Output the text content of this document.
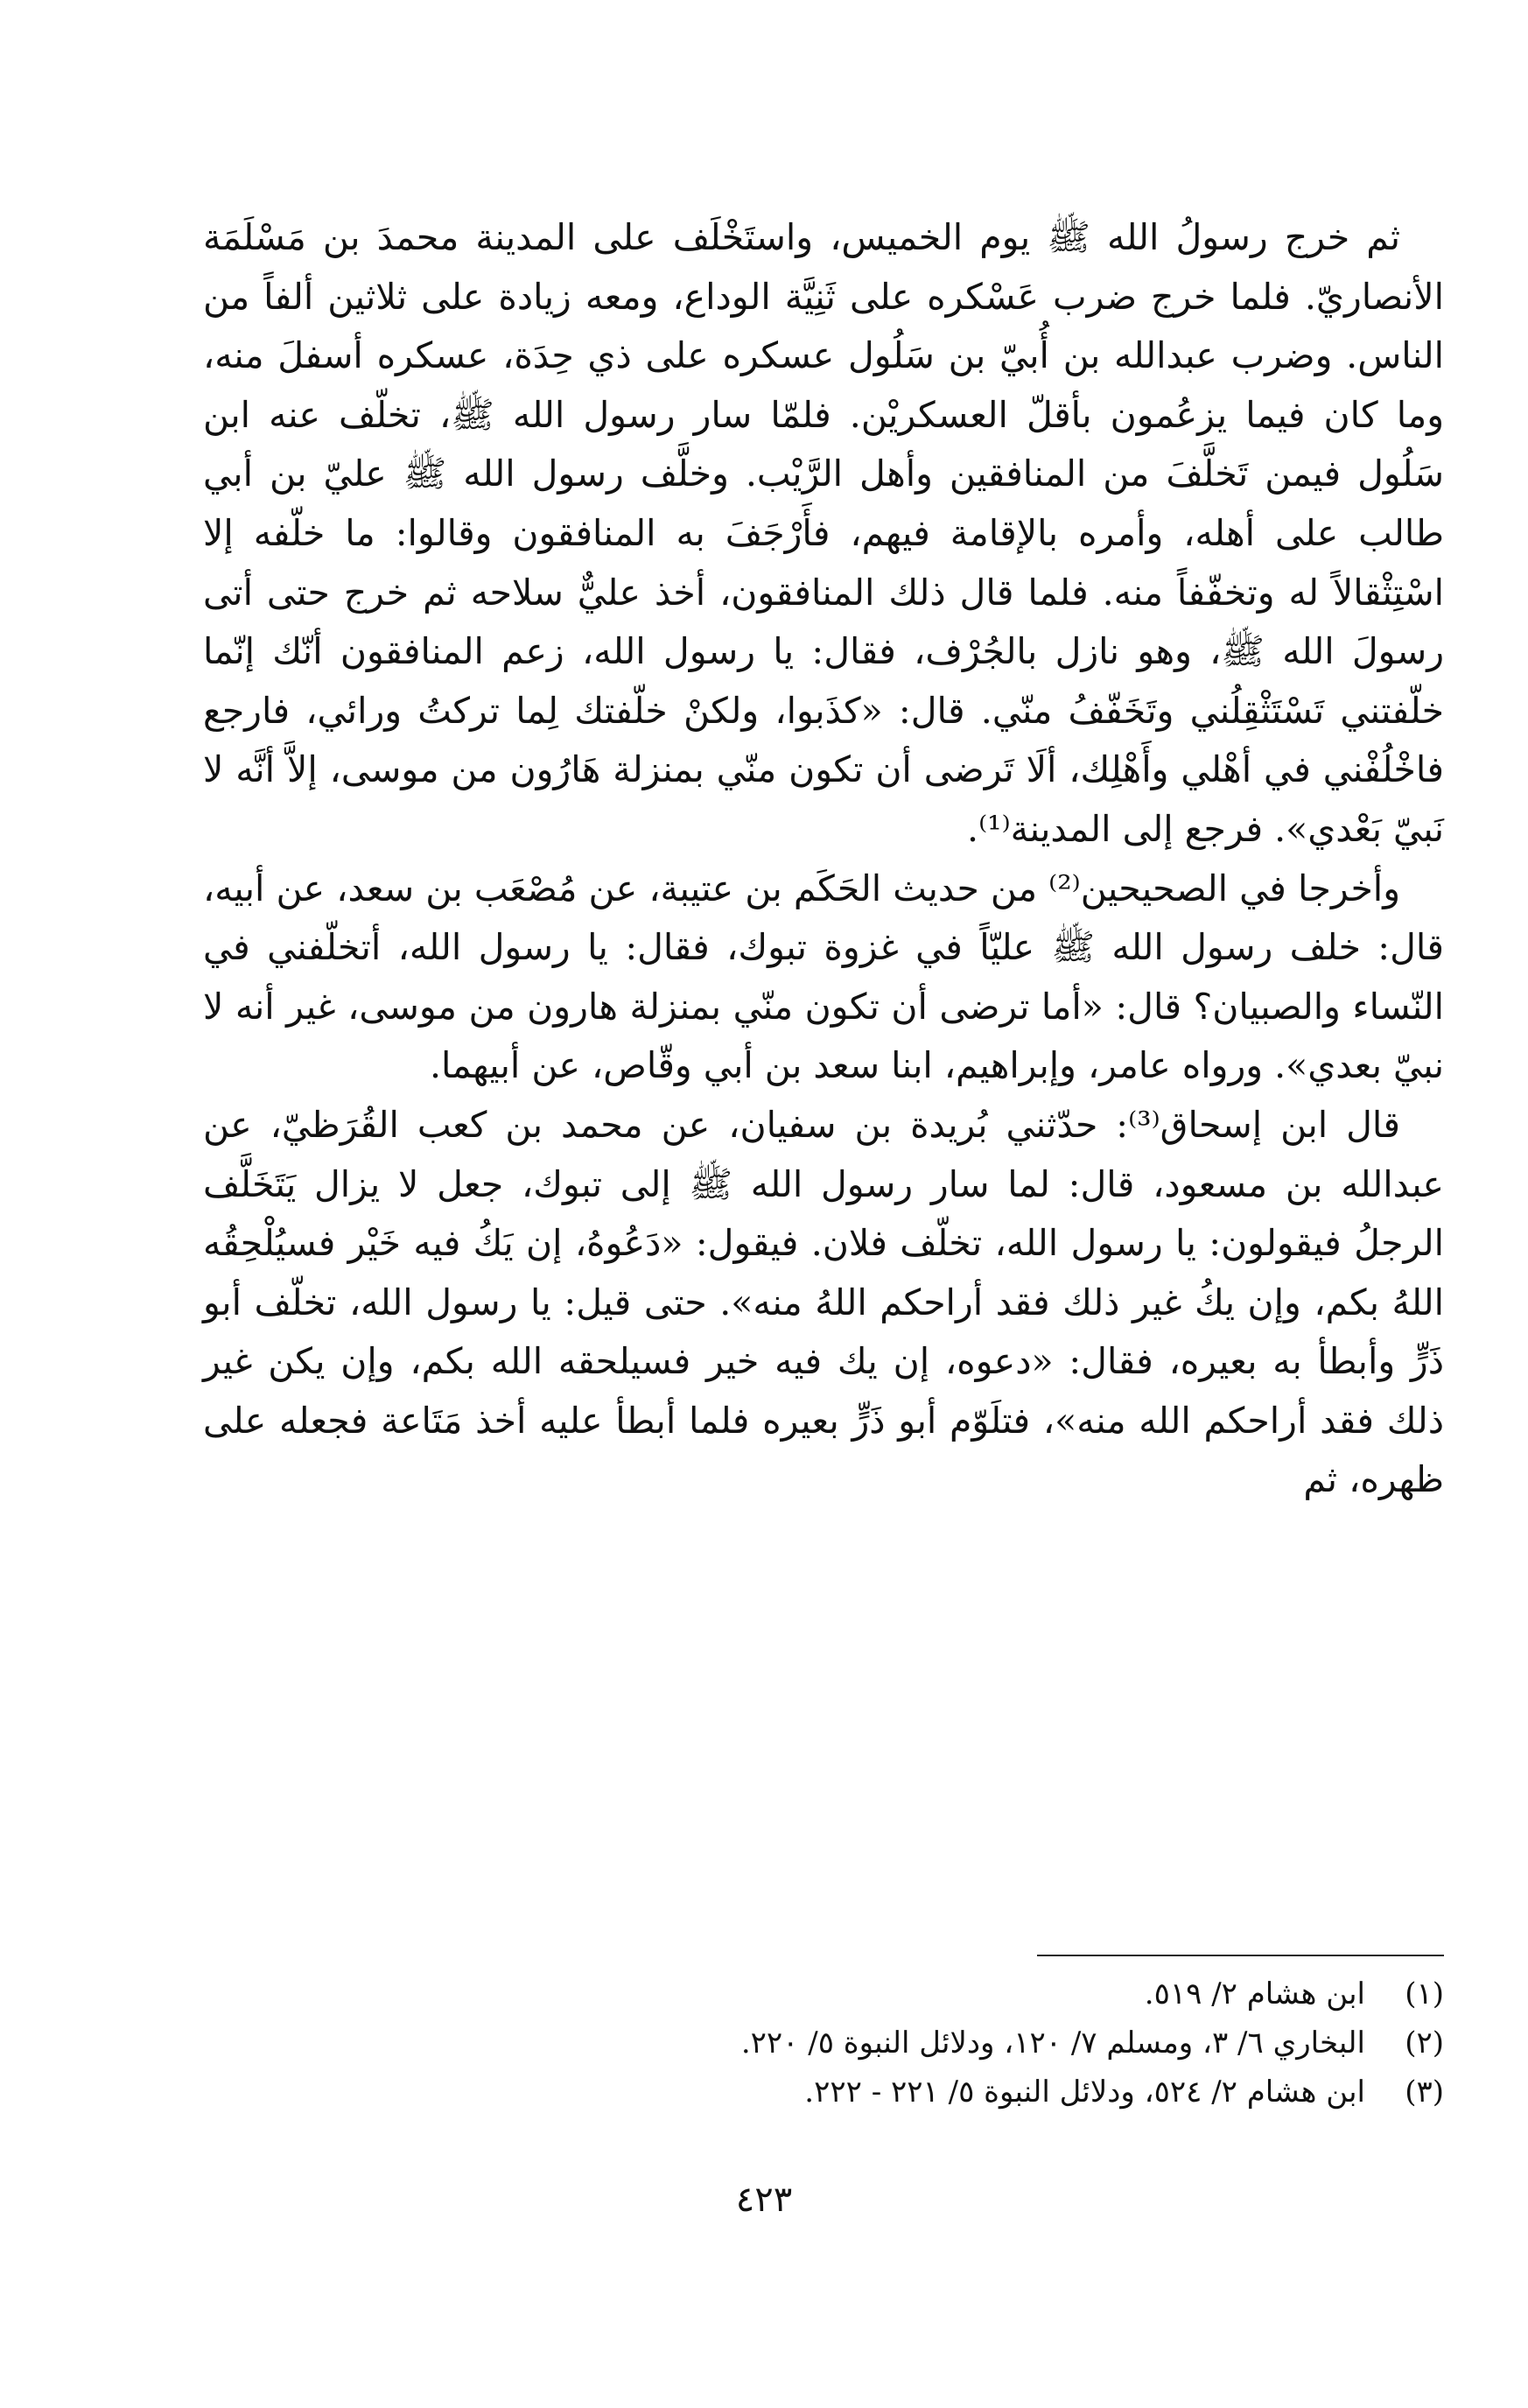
ثم خرج رسولُ الله ﷺ يوم الخميس، واستَخْلَف على المدينة محمدَ بن مَسْلَمَة الأنصاريّ. فلما خرج ضرب عَسْكره على ثَنِيَّة الوداع، ومعه زيادة على ثلاثين ألفاً من الناس. وضرب عبدالله بن أُبيّ بن سَلُول عسكره على ذي حِدَة، عسكره أسفلَ منه، وما كان فيما يزعُمون بأقلّ العسكريْن. فلمّا سار رسول الله ﷺ، تخلّف عنه ابن سَلُول فيمن تَخلَّفَ من المنافقين وأهل الرَّيْب. وخلَّف رسول الله ﷺ عليّ بن أبي طالب على أهله، وأمره بالإقامة فيهم، فأَرْجَفَ به المنافقون وقالوا: ما خلّفه إلا اسْتِثْقالاً له وتخفّفاً منه. فلما قال ذلك المنافقون، أخذ عليٌّ سلاحه ثم خرج حتى أتى رسولَ الله ﷺ، وهو نازل بالجُرْف، فقال: يا رسول الله، زعم المنافقون أنّك إنّما خلّفتني تَسْتَثْقِلُني وتَخَفّفُ منّي. قال: «كذَبوا، ولكنْ خلّفتك لِما تركتُ ورائي، فارجع فاخْلُفْني في أهْلي وأَهْلِك، ألَا تَرضى أن تكون منّي بمنزلة هَارُون من موسى، إلاَّ أنَّه لا نَبيّ بَعْدي». فرجع إلى المدينة⁽¹⁾.

وأخرجا في الصحيحين⁽²⁾ من حديث الحَكَم بن عتيبة، عن مُصْعَب بن سعد، عن أبيه، قال: خلف رسول الله ﷺ عليّاً في غزوة تبوك، فقال: يا رسول الله، أتخلّفني في النّساء والصبيان؟ قال: «أما ترضى أن تكون منّي بمنزلة هارون من موسى، غير أنه لا نبيّ بعدي». ورواه عامر، وإبراهيم، ابنا سعد بن أبي وقّاص، عن أبيهما.

قال ابن إسحاق⁽³⁾: حدّثني بُريدة بن سفيان، عن محمد بن كعب القُرَظيّ، عن عبدالله بن مسعود، قال: لما سار رسول الله ﷺ إلى تبوك، جعل لا يزال يَتَخَلَّف الرجلُ فيقولون: يا رسول الله، تخلّف فلان. فيقول: «دَعُوهُ، إن يَكُ فيه خَيْر فسيُلْحِقُه اللهُ بكم، وإن يكُ غير ذلك فقد أراحكم اللهُ منه». حتى قيل: يا رسول الله، تخلّف أبو ذَرٍّ وأبطأ به بعيره، فقال: «دعوه، إن يك فيه خير فسيلحقه الله بكم، وإن يكن غير ذلك فقد أراحكم الله منه»، فتلَوّم أبو ذَرٍّ بعيره فلما أبطأ عليه أخذ مَتَاعة فجعله على ظهره، ثم

(١)
ابن هشام ٢/ ٥١٩.
(٢)
البخاري ٦/ ٣، ومسلم ٧/ ١٢٠، ودلائل النبوة ٥/ ٢٢٠.
(٣)
ابن هشام ٢/ ٥٢٤، ودلائل النبوة ٥/ ٢٢١ - ٢٢٢.
٤٢٣
